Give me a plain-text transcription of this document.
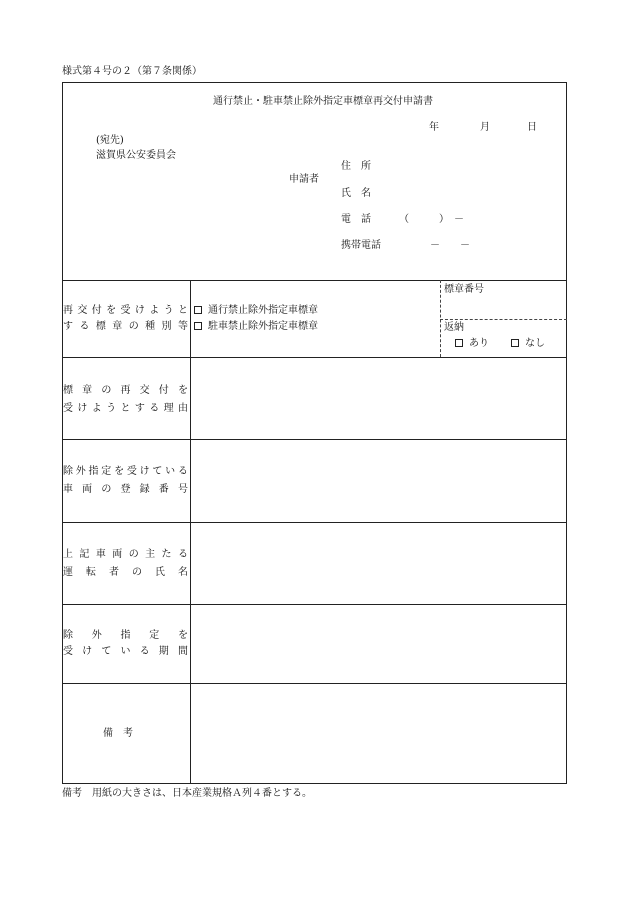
様式第４号の２（第７条関係）
通行禁止・駐車禁止除外指定車標章再交付申請書
年	月	日
(宛先)
滋賀県公安委員会
申請者
住　所
氏　名
電　話	（　　　）　－
携帯電話	－　　－
再 交 付 を 受 け よ う と
す る 標 章 の 種 別 等
通行禁止除外指定車標章
駐車禁止除外指定車標章
標章番号
返納
あり	なし
標 章 の 再 交 付 を
受 け よ う と す る 理 由
除 外 指 定 を 受 け て い る
車 両 の 登 録 番 号
上 記 車 両 の 主 た る
運 転 者 の 氏 名
除 外 指 定 を
受 け て い る 期 間
備　考
備考　用紙の大きさは、日本産業規格Ａ列４番とする。
